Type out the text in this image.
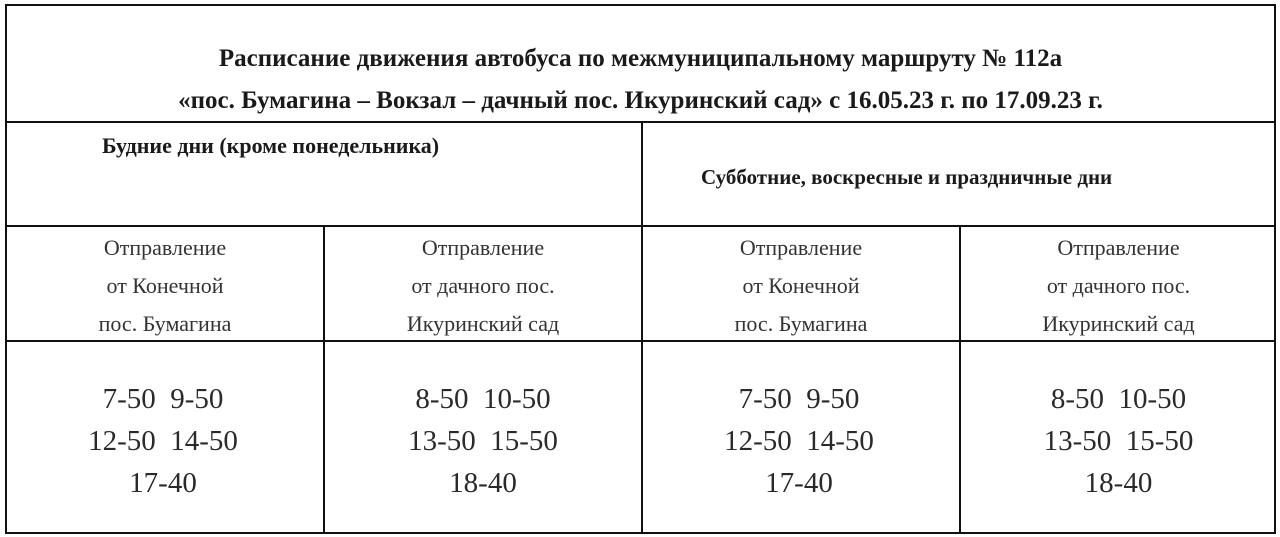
Расписание движения автобуса по межмуниципальному маршруту № 112а
«пос. Бумагина – Вокзал – дачный пос. Икуринский сад» с 16.05.23 г. по 17.09.23 г.
Будние дни (кроме понедельника)
Субботние, воскресные и праздничные дни
Отправление
от Конечной
пос. Бумагина
7-50  9-50
12-50  14-50
17-40
Отправление
от дачного пос.
Икуринский сад
8-50  10-50
13-50  15-50
18-40
Отправление
от Конечной
пос. Бумагина
7-50  9-50
12-50  14-50
17-40
Отправление
от дачного пос.
Икуринский сад
8-50  10-50
13-50  15-50
18-40
